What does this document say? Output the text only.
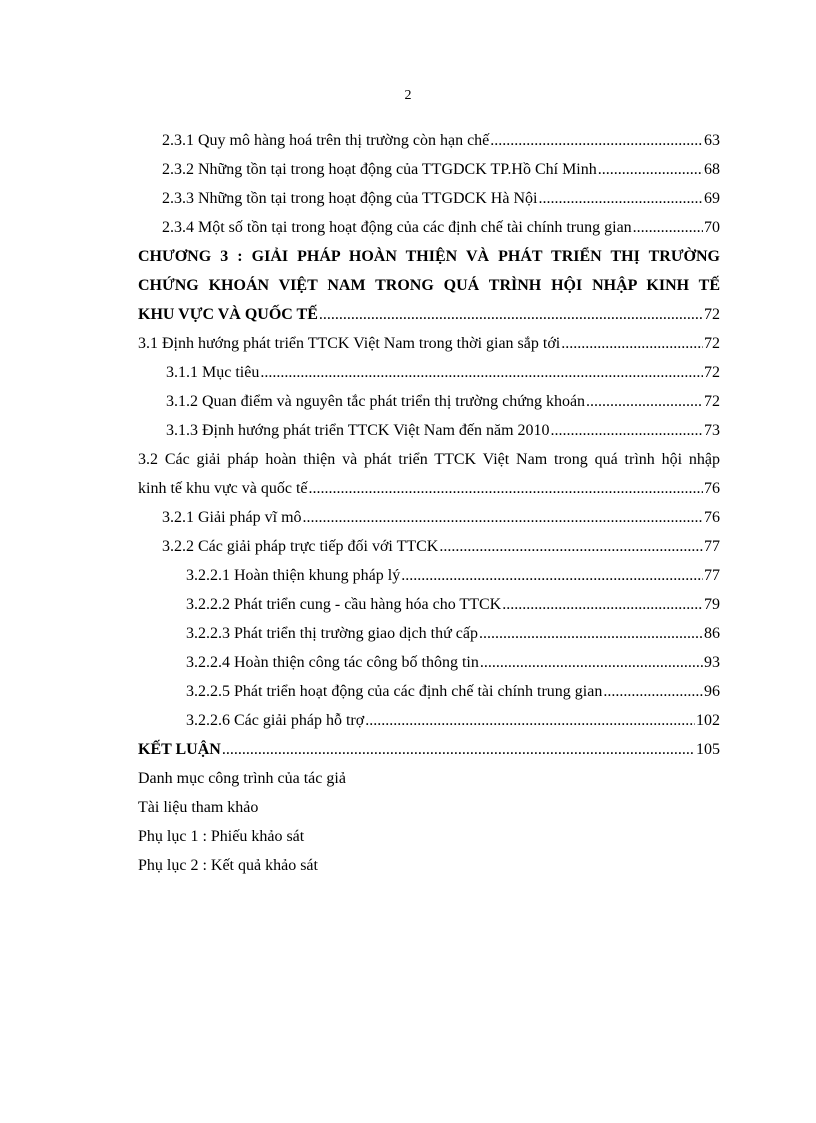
2
2.3.1 Quy mô hàng hoá trên thị trường còn hạn chế .....	63
2.3.2 Những tồn tại trong hoạt động của TTGDCK TP.Hồ Chí Minh .....	68
2.3.3 Những tồn tại trong hoạt động của TTGDCK Hà Nội .....	69
2.3.4 Một số tồn tại trong hoạt động của các định chế tài chính trung gian .....	70
CHƯƠNG 3 : GIẢI PHÁP HOÀN THIỆN VÀ PHÁT TRIỂN THỊ TRƯỜNG
CHỨNG KHOÁN VIỆT NAM TRONG QUÁ TRÌNH HỘI NHẬP KINH TẾ
KHU VỰC VÀ QUỐC TẾ .....	72
3.1 Định hướng phát triển TTCK Việt Nam trong thời gian sắp tới .....	72
3.1.1 Mục tiêu .....	72
3.1.2 Quan điểm và nguyên tắc phát triển thị trường chứng khoán .....	72
3.1.3 Định hướng phát triển TTCK Việt Nam đến năm 2010 .....	73
3.2 Các giải pháp hoàn thiện và phát triển TTCK Việt Nam trong quá trình hội nhập
kinh tế khu vực và quốc tế .....	76
3.2.1 Giải pháp vĩ mô .....	76
3.2.2 Các giải pháp trực tiếp đối với TTCK .....	77
3.2.2.1 Hoàn thiện khung pháp lý .....	77
3.2.2.2 Phát triển cung - cầu hàng hóa cho TTCK .....	79
3.2.2.3 Phát triển thị trường giao dịch thứ cấp .....	86
3.2.2.4 Hoàn thiện công tác công bố thông tin .....	93
3.2.2.5 Phát triển hoạt động của các định chế tài chính trung gian .....	96
3.2.2.6 Các giải pháp hỗ trợ .....	102
KẾT LUẬN .....	105
Danh mục công trình của tác giả
Tài liệu tham khảo
Phụ lục 1 : Phiếu khảo sát
Phụ lục 2 : Kết quả khảo sát
